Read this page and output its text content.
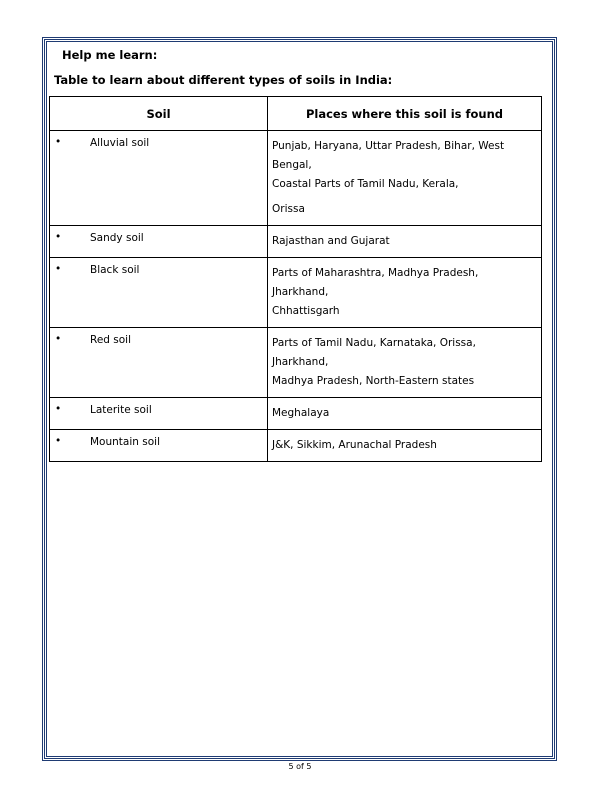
Help me learn:
Table to learn about different types of soils in India:
Soil	Places where this soil is found

• Alluvial soil	Punjab, Haryana, Uttar Pradesh, Bihar, West Bengal,
Coastal Parts of Tamil Nadu, Kerala,
Orissa

• Sandy soil	Rajasthan and Gujarat

• Black soil	Parts of Maharashtra, Madhya Pradesh, Jharkhand,
Chhattisgarh

• Red soil	Parts of Tamil Nadu, Karnataka, Orissa, Jharkhand,
Madhya Pradesh, North-Eastern states

• Laterite soil	Meghalaya

• Mountain soil	J&K, Sikkim, Arunachal Pradesh
5 of 5
